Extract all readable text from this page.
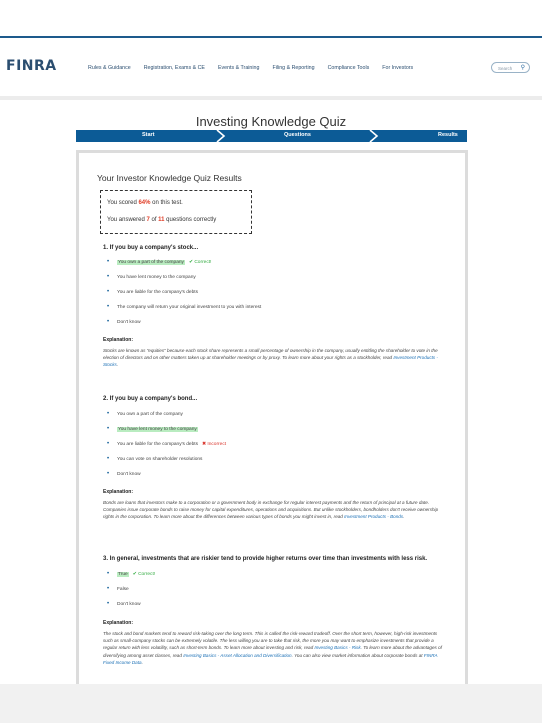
FINRA	Rules & Guidance Registration, Exams & CE Events & Training Filing & Reporting Compliance Tools For Investors	Search ⚲
Investing Knowledge Quiz
Start	Questions	Results
Your Investor Knowledge Quiz Results
You scored 64% on this test.
You answered 7 of 11 questions correctly
1. If you buy a company's stock...
• You own a part of the company ✔ Correct!
• You have lent money to the company
• You are liable for the company's debts
• The company will return your original investment to you with interest
• Don't know
Explanation:
Stocks are known as "equities" because each stock share represents a small percentage of ownership in the company, usually entitling the shareholder to vote in the election of directors and on other matters taken up at shareholder meetings or by proxy. To learn more about your rights as a stockholder, read Investment Products - Stocks.
2. If you buy a company's bond...
• You own a part of the company
• You have lent money to the company
• You are liable for the company's debts ✖ Incorrect
• You can vote on shareholder resolutions
• Don't know
Explanation:
Bonds are loans that investors make to a corporation or a government body in exchange for regular interest payments and the return of principal at a future date. Companies issue corporate bonds to raise money for capital expenditures, operations and acquisitions. But unlike stockholders, bondholders don't receive ownership rights in the corporation. To learn more about the differences between various types of bonds you might invest in, read Investment Products - Bonds.
3. In general, investments that are riskier tend to provide higher returns over time than investments with less risk.
• True ✔ Correct!
• False
• Don't know
Explanation:
The stock and bond markets tend to reward risk-taking over the long term. This is called the risk-reward tradeoff. Over the short term, however, high-risk investments such as small-company stocks can be extremely volatile. The less willing you are to take that risk, the more you may want to emphasize investments that provide a regular return with less volatility, such as short-term bonds. To learn more about investing and risk, read Investing Basics - Risk. To learn more about the advantages of diversifying among asset classes, read Investing Basics - Asset Allocation and Diversification. You can also view market information about corporate bonds at FINRA Fixed Income Data.
